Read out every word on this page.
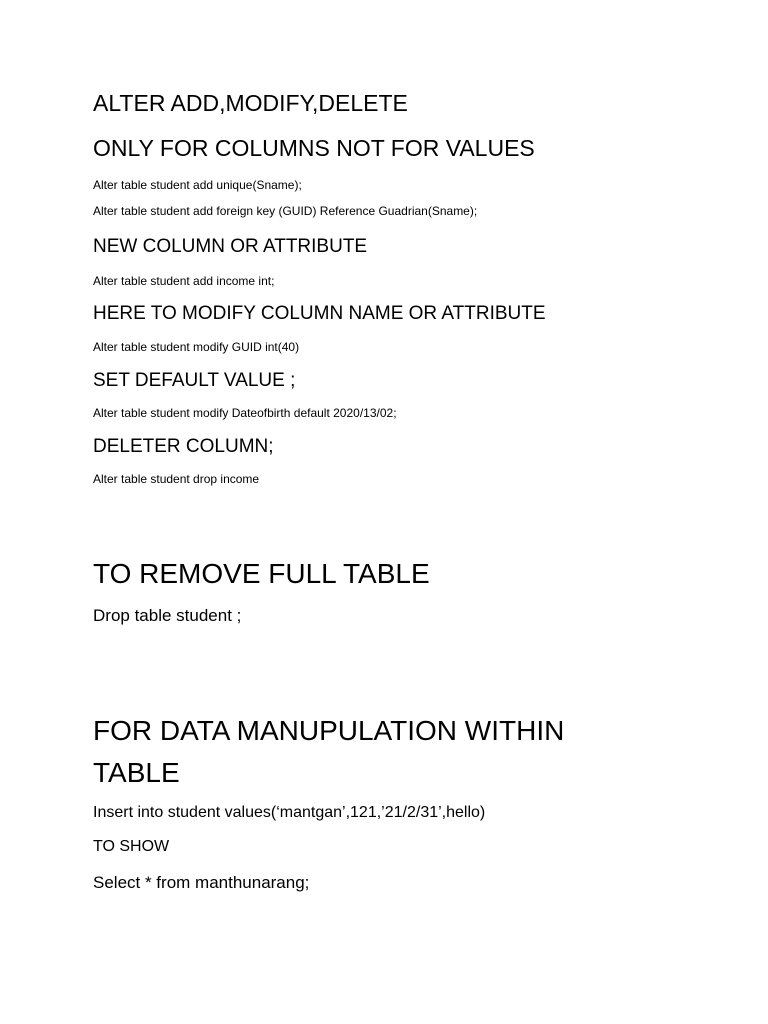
ALTER ADD,MODIFY,DELETE
ONLY FOR COLUMNS NOT FOR VALUES
Alter table student add unique(Sname);
Alter table student add foreign key (GUID) Reference Guadrian(Sname);
NEW COLUMN OR ATTRIBUTE
Alter table student add income int;
HERE TO MODIFY COLUMN NAME OR ATTRIBUTE
Alter table student modify GUID int(40)
SET DEFAULT VALUE ;
Alter table student modify Dateofbirth default 2020/13/02;
DELETER COLUMN;
Alter table student drop income
TO REMOVE FULL TABLE
Drop table student ;
FOR DATA MANUPULATION WITHIN TABLE
Insert into student values(‘mantgan’,121,’21/2/31’,hello)
TO SHOW
Select * from manthunarang;
